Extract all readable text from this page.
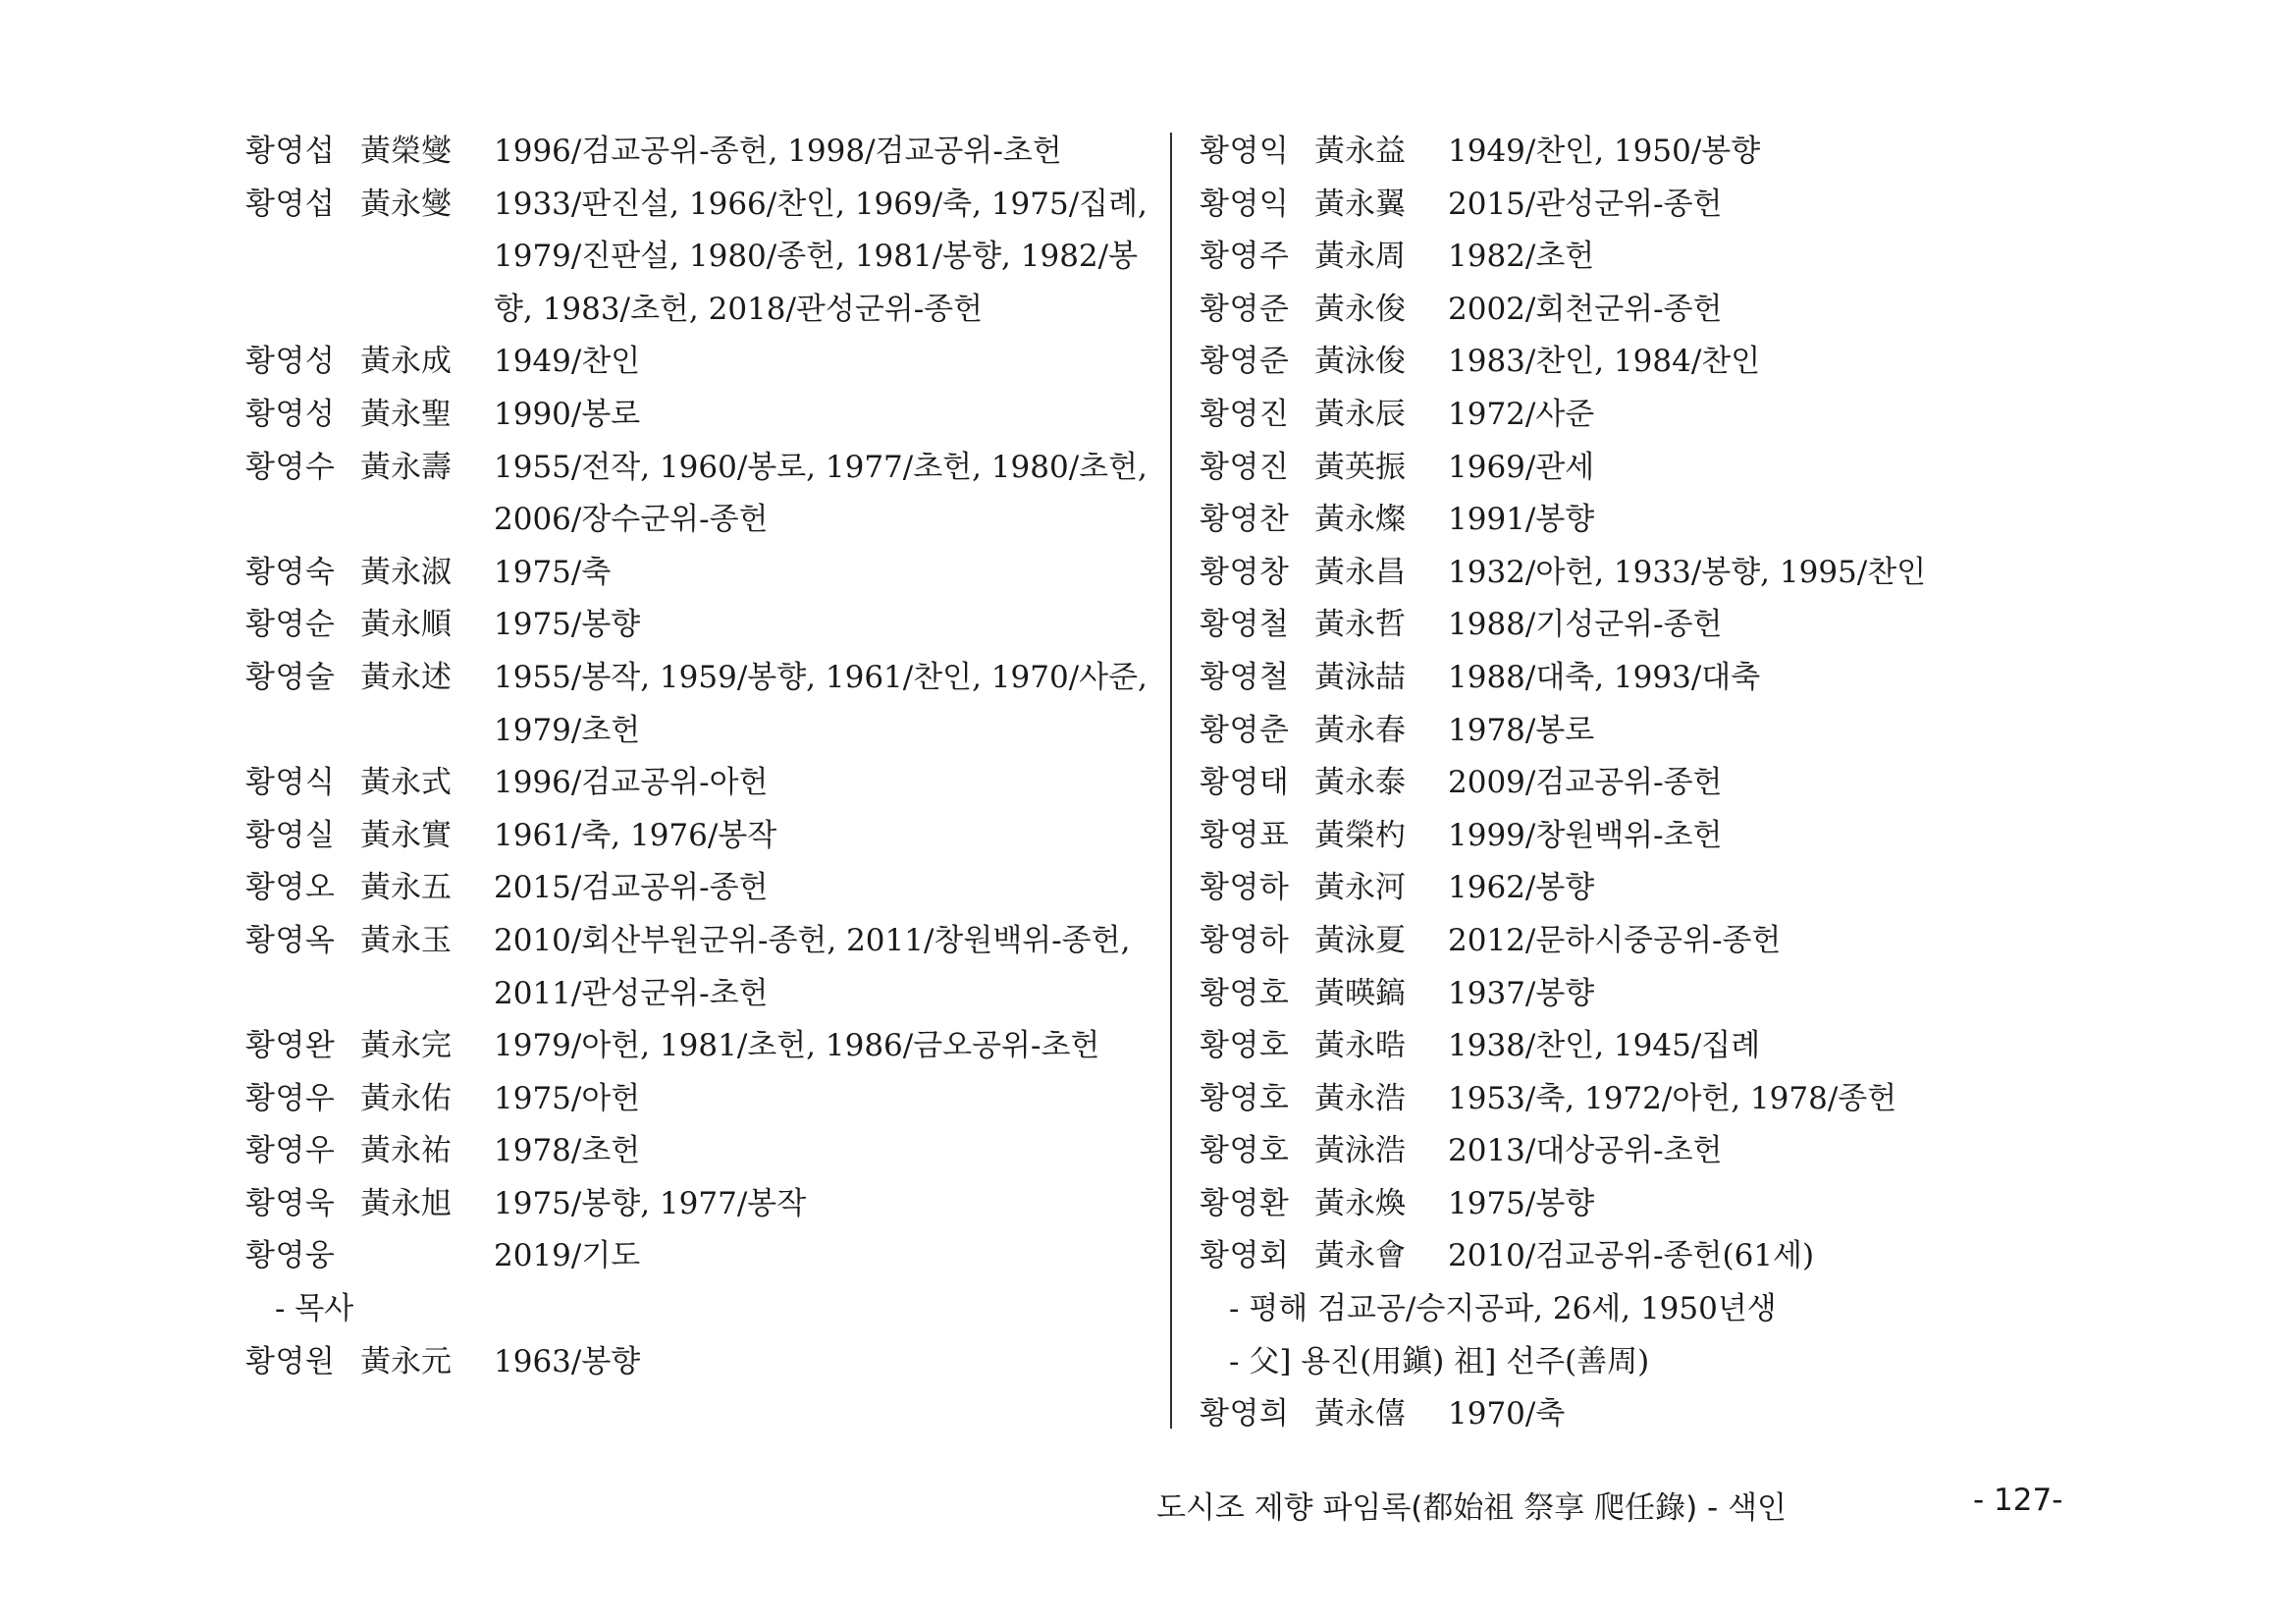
황영섭 黃榮燮	1996/검교공위-종헌, 1998/검교공위-초헌
황영섭 黃永燮	1933/판진설, 1966/찬인, 1969/축, 1975/집례, 1979/진판설, 1980/종헌, 1981/봉향, 1982/봉향, 1983/초헌, 2018/관성군위-종헌
황영성 黃永成	1949/찬인
황영성 黃永聖	1990/봉로
황영수 黃永壽	1955/전작, 1960/봉로, 1977/초헌, 1980/초헌, 2006/장수군위-종헌
황영숙 黃永淑	1975/축
황영순 黃永順	1975/봉향
황영술 黃永述	1955/봉작, 1959/봉향, 1961/찬인, 1970/사준, 1979/초헌
황영식 黃永式	1996/검교공위-아헌
황영실 黃永實	1961/축, 1976/봉작
황영오 黃永五	2015/검교공위-종헌
황영옥 黃永玉	2010/회산부원군위-종헌, 2011/창원백위-종헌, 2011/관성군위-초헌
황영완 黃永完	1979/아헌, 1981/초헌, 1986/금오공위-초헌
황영우 黃永佑	1975/아헌
황영우 黃永祐	1978/초헌
황영욱 黃永旭	1975/봉향, 1977/봉작
황영웅	2019/기도
- 목사
황영원 黃永元	1963/봉향
황영익 黃永益	1949/찬인, 1950/봉향
황영익 黃永翼	2015/관성군위-종헌
황영주 黃永周	1982/초헌
황영준 黃永俊	2002/회천군위-종헌
황영준 黃泳俊	1983/찬인, 1984/찬인
황영진 黃永辰	1972/사준
황영진 黃英振	1969/관세
황영찬 黃永燦	1991/봉향
황영창 黃永昌	1932/아헌, 1933/봉향, 1995/찬인
황영철 黃永哲	1988/기성군위-종헌
황영철 黃泳喆	1988/대축, 1993/대축
황영춘 黃永春	1978/봉로
황영태 黃永泰	2009/검교공위-종헌
황영표 黃榮杓	1999/창원백위-초헌
황영하 黃永河	1962/봉향
황영하 黃泳夏	2012/문하시중공위-종헌
황영호 黃暎鎬	1937/봉향
황영호 黃永晧	1938/찬인, 1945/집례
황영호 黃永浩	1953/축, 1972/아헌, 1978/종헌
황영호 黃泳浩	2013/대상공위-초헌
황영환 黃永煥	1975/봉향
황영회 黃永會	2010/검교공위-종헌(61세)
- 평해 검교공/승지공파, 26세, 1950년생
- 父] 용진(用鎭) 祖] 선주(善周)
황영희 黃永僖	1970/축
도시조 제향 파임록(都始祖 祭享 爬任錄) - 색인	- 127-
